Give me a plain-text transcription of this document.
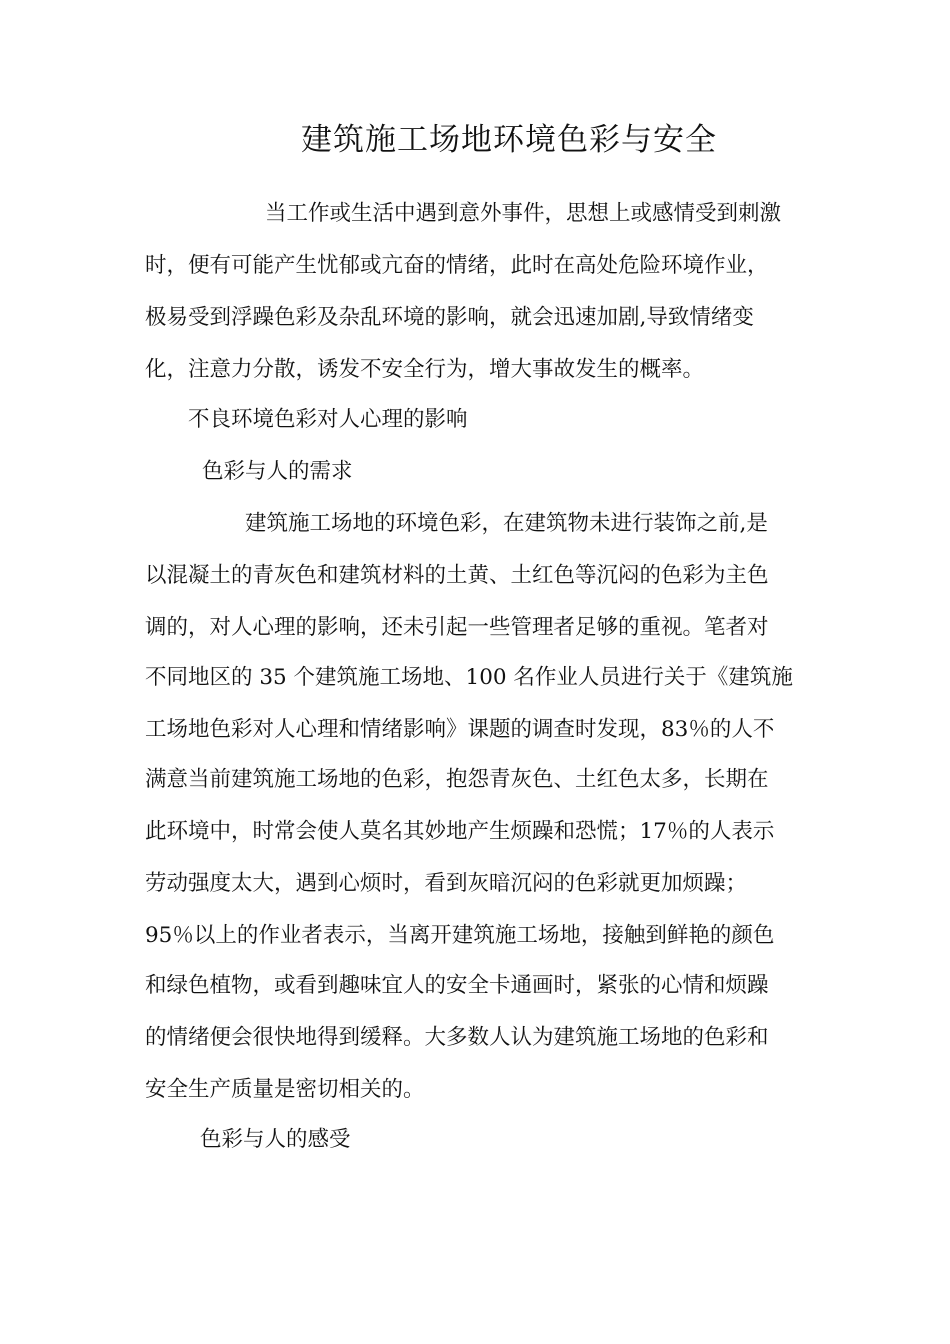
建筑施工场地环境色彩与安全

当工作或生活中遇到意外事件，思想上或感情受到刺激

时，便有可能产生忧郁或亢奋的情绪，此时在高处危险环境作业，

极易受到浮躁色彩及杂乱环境的影响，就会迅速加剧,导致情绪变

化，注意力分散，诱发不安全行为，增大事故发生的概率。

不良环境色彩对人心理的影响

色彩与人的需求

建筑施工场地的环境色彩，在建筑物未进行装饰之前,是

以混凝土的青灰色和建筑材料的土黄、土红色等沉闷的色彩为主色

调的，对人心理的影响，还未引起一些管理者足够的重视。笔者对

不同地区的 35 个建筑施工场地、100 名作业人员进行关于《建筑施

工场地色彩对人心理和情绪影响》课题的调查时发现，83％的人不

满意当前建筑施工场地的色彩，抱怨青灰色、土红色太多，长期在

此环境中，时常会使人莫名其妙地产生烦躁和恐慌；17％的人表示

劳动强度太大，遇到心烦时，看到灰暗沉闷的色彩就更加烦躁；

95％以上的作业者表示，当离开建筑施工场地，接触到鲜艳的颜色

和绿色植物，或看到趣味宜人的安全卡通画时，紧张的心情和烦躁

的情绪便会很快地得到缓释。大多数人认为建筑施工场地的色彩和

安全生产质量是密切相关的。

色彩与人的感受
